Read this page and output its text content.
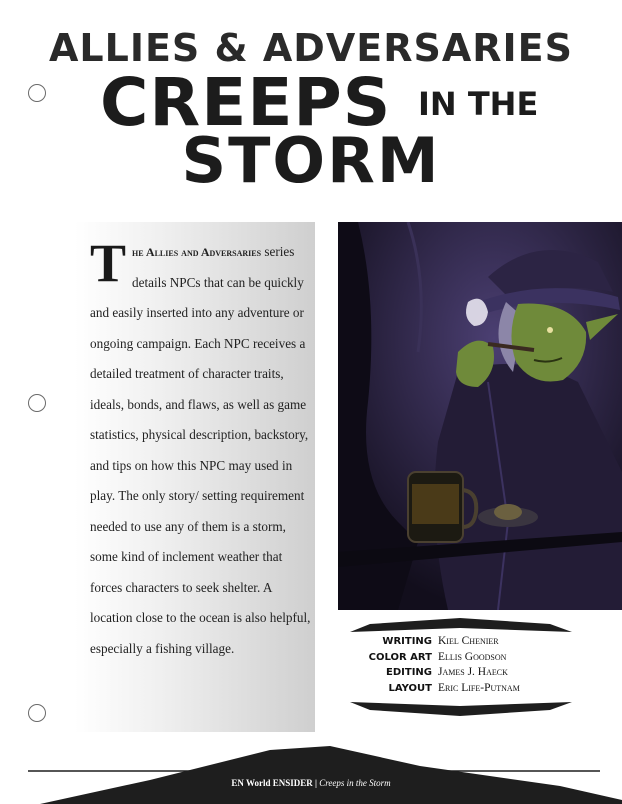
ALLIES & ADVERSARIES
CREEPS IN THE
STORM
The Allies and Adversaries series details NPCs that can be quickly and easily inserted into any adventure or ongoing campaign. Each NPC receives a detailed treatment of character traits, ideals, bonds, and flaws, as well as game statistics, physical description, backstory, and tips on how this NPC may used in play. The only story/ setting requirement needed to use any of them is a storm, some kind of inclement weather that forces characters to seek shelter. A location close to the ocean is also helpful, especially a fishing village.	WRITING Kiel Chenier
COLOR ART Ellis Goodson
EDITING James J. Haeck
LAYOUT Eric Life-Putnam
EN World ENSIDER | Creeps in the Storm
